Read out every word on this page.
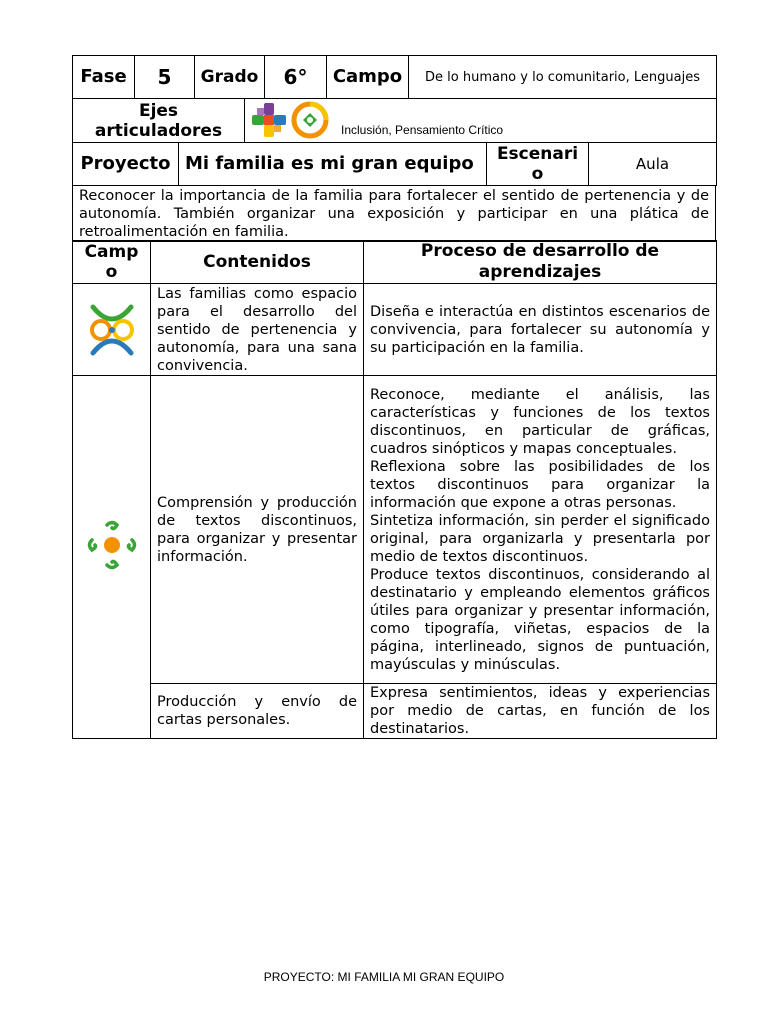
Fase	5	Grado	6°	Campo	De lo humano y lo comunitario, Lenguajes
Ejes articuladores	Inclusión, Pensamiento Crítico
Proyecto	Mi familia es mi gran equipo	Escenario	Aula
Reconocer la importancia de la familia para fortalecer el sentido de pertenencia y de autonomía. También organizar una exposición y participar en una plática de retroalimentación en familia.
Campo	Contenidos	Proceso de desarrollo de aprendizajes

	Las familias como espacio para el desarrollo del sentido de pertenencia y autonomía, para una sana convivencia.	Diseña e interactúa en distintos escenarios de convivencia, para fortalecer su autonomía y su participación en la familia.

	Comprensión y producción de textos discontinuos, para organizar y presentar información.	Reconoce, mediante el análisis, las características y funciones de los textos discontinuos, en particular de gráficas, cuadros sinópticos y mapas conceptuales.
Reflexiona sobre las posibilidades de los textos discontinuos para organizar la información que expone a otras personas.
Sintetiza información, sin perder el significado original, para organizarla y presentarla por medio de textos discontinuos.
Produce textos discontinuos, considerando al destinatario y empleando elementos gráficos útiles para organizar y presentar información, como tipografía, viñetas, espacios de la página, interlineado, signos de puntuación, mayúsculas y minúsculas.
	Producción y envío de cartas personales.	Expresa sentimientos, ideas y experiencias por medio de cartas, en función de los destinatarios.
PROYECTO: MI FAMILIA MI GRAN EQUIPO
